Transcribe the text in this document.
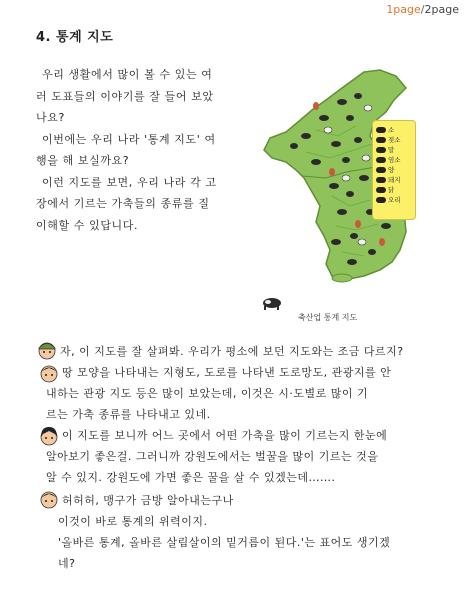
1page/2page
4. 통계 지도

우리 생활에서 많이 볼 수 있는 여

러 도표들의 이야기를 잘 들어 보았

나요?

이번에는 우리 나라 '통계 지도' 여

행을 해 보실까요?

이런 지도를 보면, 우리 나라 각 고

장에서 기르는 가축들의 종류를 질

이해할 수 있답니다.

소
젖소
말
염소
양
돼지
닭
오리
축산업 통계 지도

자, 이 지도를 잘 살펴봐. 우리가 평소에 보던 지도와는 조금 다르지?

땅 모양을 나타내는 지형도, 도로를 나타낸 도로망도, 관광지를 안

내하는 관광 지도 등은 많이 보았는데, 이것은 시·도별로 많이 기

르는 가축 종류를 나타내고 있네.

이 지도를 보니까 어느 곳에서 어떤 가축을 많이 기르는지 한눈에

알아보기 좋은걸. 그러니까 강원도에서는 벌꿀을 많이 기르는 것을

알 수 있지. 강원도에 가면 좋은 꿀을 살 수 있겠는데…….

허허허, 맹구가 금방 알아내는구나

이것이 바로 통계의 위력이지.

'올바른 통계, 올바른 살림살이의 밑거름이 된다.'는 표어도 생기겠

네?
